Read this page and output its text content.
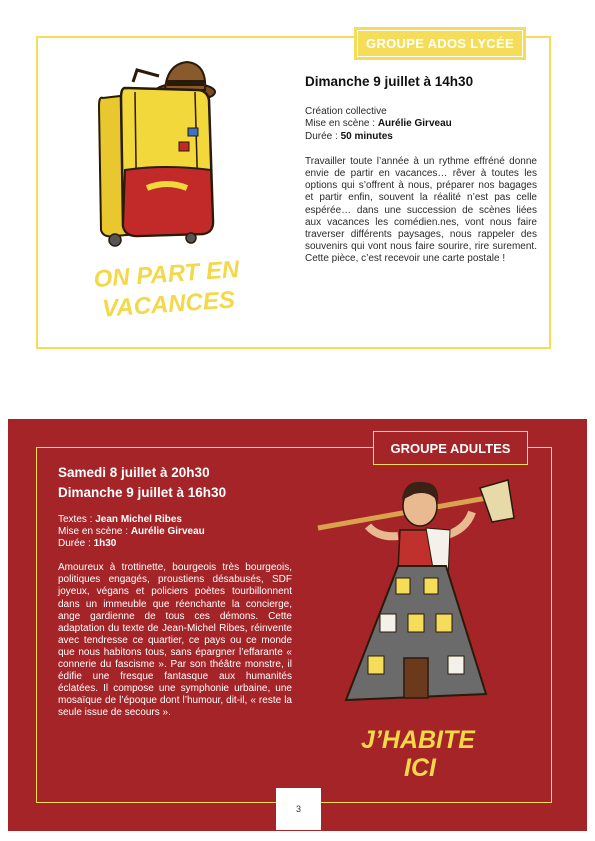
GROUPE ADOS LYCÉE
ON PART EN
VACANCES
Dimanche 9 juillet à 14h30
Création collective
Mise en scène : Aurélie Girveau
Durée : 50 minutes
Travailler toute l’année à un rythme effréné donne envie de partir en vacances… rêver à toutes les options qui s’offrent à nous, préparer nos bagages et partir enfin, souvent la réalité n’est pas celle espérée… dans une succession de scènes liées aux vacances les comédien.nes, vont nous faire traverser différents paysages, nous rappeler des souvenirs qui vont nous faire sourire, rire surement. Cette pièce, c’est recevoir une carte postale !
GROUPE ADULTES
Samedi 8 juillet à 20h30
Dimanche 9 juillet à 16h30
Textes : Jean Michel Ribes
Mise en scène : Aurélie Girveau
Durée : 1h30
Amoureux à trottinette, bourgeois très bourgeois, politiques engagés, proustiens désabusés, SDF joyeux, végans et policiers poètes tourbillonnent dans un immeuble que réenchante la concierge, ange gardienne de tous ces démons. Cette adaptation du texte de Jean-Michel Ribes, réinvente avec tendresse ce quartier, ce pays ou ce monde que nous habitons tous, sans épargner l’effarante « connerie du fascisme ». Par son théâtre monstre, il édifie une fresque fantasque aux humanités éclatées. Il compose une symphonie urbaine, une mosaïque de l’époque dont l’humour, dit-il, « reste la seule issue de secours ».
J’HABITE
ICI
3
